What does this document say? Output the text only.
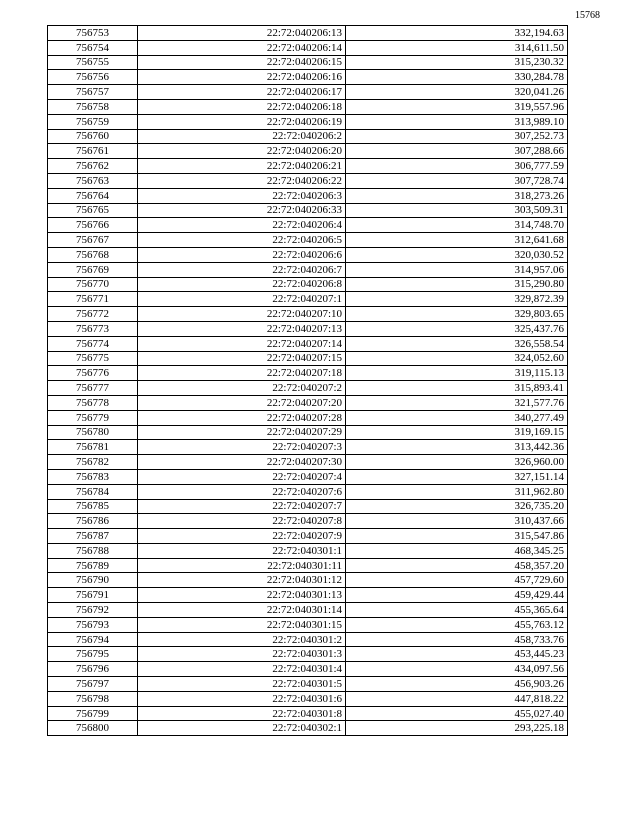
15768
756753	22:72:040206:13	332,194.63
756754	22:72:040206:14	314,611.50
756755	22:72:040206:15	315,230.32
756756	22:72:040206:16	330,284.78
756757	22:72:040206:17	320,041.26
756758	22:72:040206:18	319,557.96
756759	22:72:040206:19	313,989.10
756760	22:72:040206:2	307,252.73
756761	22:72:040206:20	307,288.66
756762	22:72:040206:21	306,777.59
756763	22:72:040206:22	307,728.74
756764	22:72:040206:3	318,273.26
756765	22:72:040206:33	303,509.31
756766	22:72:040206:4	314,748.70
756767	22:72:040206:5	312,641.68
756768	22:72:040206:6	320,030.52
756769	22:72:040206:7	314,957.06
756770	22:72:040206:8	315,290.80
756771	22:72:040207:1	329,872.39
756772	22:72:040207:10	329,803.65
756773	22:72:040207:13	325,437.76
756774	22:72:040207:14	326,558.54
756775	22:72:040207:15	324,052.60
756776	22:72:040207:18	319,115.13
756777	22:72:040207:2	315,893.41
756778	22:72:040207:20	321,577.76
756779	22:72:040207:28	340,277.49
756780	22:72:040207:29	319,169.15
756781	22:72:040207:3	313,442.36
756782	22:72:040207:30	326,960.00
756783	22:72:040207:4	327,151.14
756784	22:72:040207:6	311,962.80
756785	22:72:040207:7	326,735.20
756786	22:72:040207:8	310,437.66
756787	22:72:040207:9	315,547.86
756788	22:72:040301:1	468,345.25
756789	22:72:040301:11	458,357.20
756790	22:72:040301:12	457,729.60
756791	22:72:040301:13	459,429.44
756792	22:72:040301:14	455,365.64
756793	22:72:040301:15	455,763.12
756794	22:72:040301:2	458,733.76
756795	22:72:040301:3	453,445.23
756796	22:72:040301:4	434,097.56
756797	22:72:040301:5	456,903.26
756798	22:72:040301:6	447,818.22
756799	22:72:040301:8	455,027.40
756800	22:72:040302:1	293,225.18
